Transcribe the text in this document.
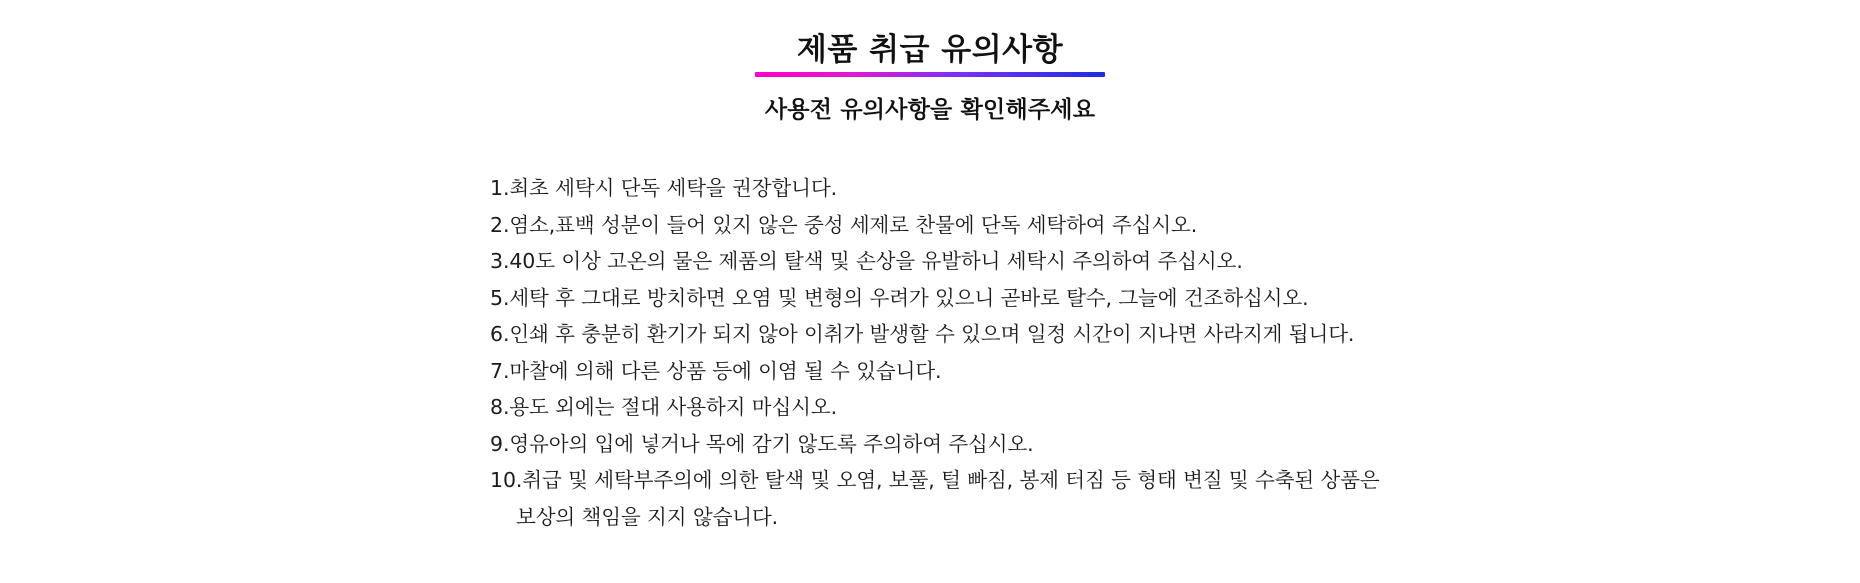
제품 취급 유의사항
사용전 유의사항을 확인해주세요
1.최초 세탁시 단독 세탁을 권장합니다.
2.염소,표백 성분이 들어 있지 않은 중성 세제로 찬물에 단독 세탁하여 주십시오.
3.40도 이상 고온의 물은 제품의 탈색 및 손상을 유발하니 세탁시 주의하여 주십시오.
5.세탁 후 그대로 방치하면 오염 및 변형의 우려가 있으니 곧바로 탈수, 그늘에 건조하십시오.
6.인쇄 후 충분히 환기가 되지 않아 이취가 발생할 수 있으며 일정 시간이 지나면 사라지게 됩니다.
7.마찰에 의해 다른 상품 등에 이염 될 수 있습니다.
8.용도 외에는 절대 사용하지 마십시오.
9.영유아의 입에 넣거나 목에 감기 않도록 주의하여 주십시오.
10.취급 및 세탁부주의에 의한 탈색 및 오염, 보풀, 털 빠짐, 봉제 터짐 등 형태 변질 및 수축된 상품은
보상의 책임을 지지 않습니다.
